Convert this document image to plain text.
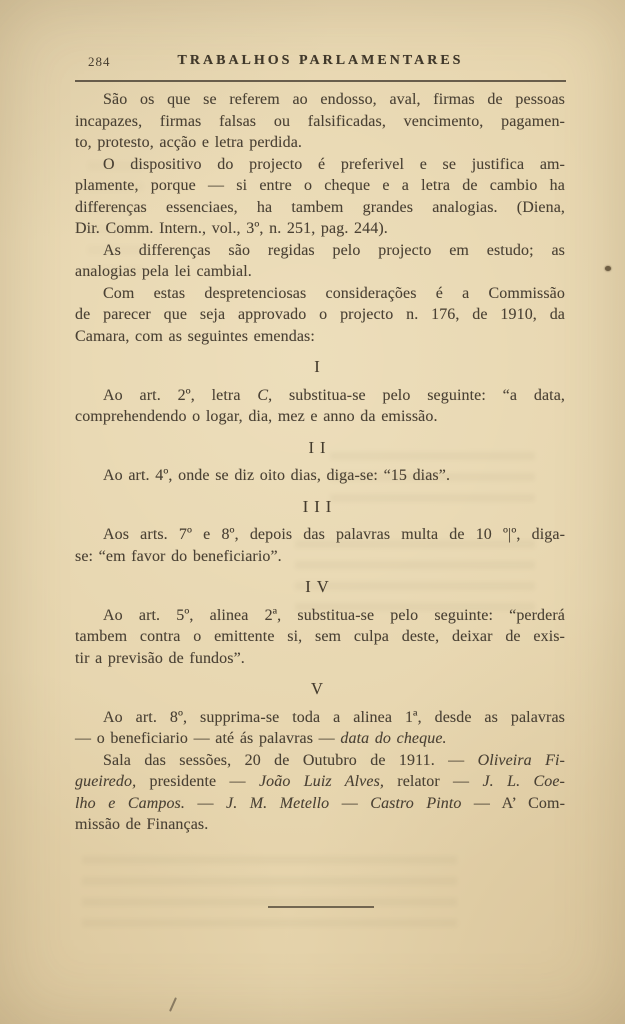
284	TRABALHOS PARLAMENTARES
São os que se referem ao endosso, aval, firmas de pessoas
incapazes, firmas falsas ou falsificadas, vencimento, pagamen-
to, protesto, acção e letra perdida.
O dispositivo do projecto é preferivel e se justifica am-
plamente, porque — si entre o cheque e a letra de cambio ha
differenças essenciaes, ha tambem grandes analogias. (Diena,
Dir. Comm. Intern., vol., 3º, n. 251, pag. 244).
As differenças são regidas pelo projecto em estudo; as
analogias pela lei cambial.
Com estas despretenciosas considerações é a Commissão
de parecer que seja approvado o projecto n. 176, de 1910, da
Camara, com as seguintes emendas:
I
Ao art. 2º, letra C, substitua-se pelo seguinte: “a data,
comprehendendo o logar, dia, mez e anno da emissão.
II
Ao art. 4º, onde se diz oito dias, diga-se: “15 dias”.
III
Aos arts. 7º e 8º, depois das palavras multa de 10 º|º, diga-
se: “em favor do beneficiario”.
IV
Ao art. 5º, alinea 2ª, substitua-se pelo seguinte: “perderá
tambem contra o emittente si, sem culpa deste, deixar de exis-
tir a previsão de fundos”.
V
Ao art. 8º, supprima-se toda a alinea 1ª, desde as palavras
— o beneficiario — até ás palavras — data do cheque.
Sala das sessões, 20 de Outubro de 1911. — Oliveira Fi-
gueiredo, presidente — João Luiz Alves, relator — J. L. Coe-
lho e Campos. — J. M. Metello — Castro Pinto — A’ Com-
missão de Finanças.
